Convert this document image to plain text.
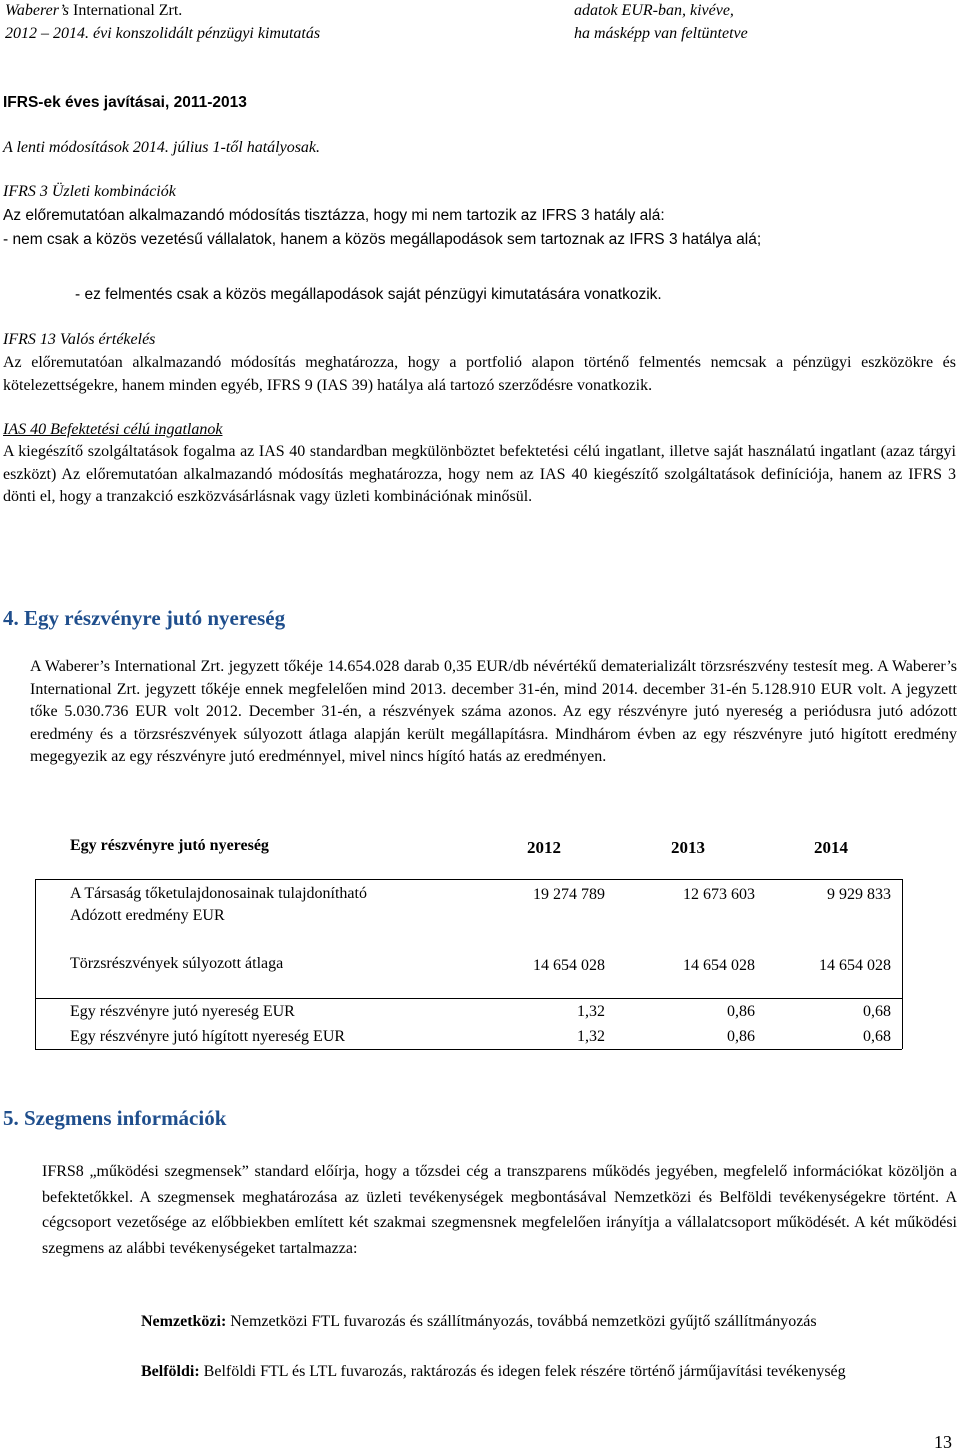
Waberer’s International Zrt.
2012 – 2014. évi konszolidált pénzügyi kimutatás
adatok EUR-ban, kivéve,
ha másképp van feltüntetve
IFRS-ek éves javításai, 2011-2013
A lenti módosítások 2014. július 1-től hatályosak.
IFRS 3 Üzleti kombinációk
Az előremutatóan alkalmazandó módosítás tisztázza, hogy mi nem tartozik az IFRS 3 hatály alá:
- nem csak a közös vezetésű vállalatok, hanem a közös megállapodások sem tartoznak az IFRS 3 hatálya alá;
- ez felmentés csak a közös megállapodások saját pénzügyi kimutatására vonatkozik.
IFRS 13 Valós értékelés
Az előremutatóan alkalmazandó módosítás meghatározza, hogy a portfolió alapon történő felmentés nemcsak a pénzügyi eszközökre és kötelezettségekre, hanem minden egyéb, IFRS 9 (IAS 39) hatálya alá tartozó szerződésre vonatkozik.
IAS 40 Befektetési célú ingatlanok
A kiegészítő szolgáltatások fogalma az IAS 40 standardban megkülönböztet befektetési célú ingatlant, illetve saját használatú ingatlant (azaz tárgyi eszközt) Az előremutatóan alkalmazandó módosítás meghatározza, hogy nem az IAS 40 kiegészítő szolgáltatások definíciója, hanem az IFRS 3 dönti el, hogy a tranzakció eszközvásárlásnak vagy üzleti kombinációnak minősül.
4. Egy részvényre jutó nyereség
A Waberer’s International Zrt. jegyzett tőkéje 14.654.028 darab 0,35 EUR/db névértékű dematerializált törzsrészvény testesít meg. A Waberer’s International Zrt. jegyzett tőkéje ennek megfelelően mind 2013. december 31-én, mind 2014. december 31-én 5.128.910 EUR volt. A jegyzett tőke 5.030.736 EUR volt 2012. December 31-én, a részvények száma azonos. Az egy részvényre jutó nyereség a periódusra jutó adózott eredmény és a törzsrészvények súlyozott átlaga alapján került megállapításra. Mindhárom évben az egy részvényre jutó higított eredmény megegyezik az egy részvényre jutó eredménnyel, mivel nincs hígító hatás az eredményen.
Egy részvényre jutó nyereség	2012	2013	2014
A Társaság tőketulajdonosainak tulajdonítható
Adózott eredmény EUR
19 274 789	12 673 603	9 929 833
Törzsrészvények súlyozott átlaga	14 654 028	14 654 028	14 654 028
Egy részvényre jutó nyereség EUR	1,32	0,86	0,68
Egy részvényre jutó hígított nyereség EUR	1,32	0,86	0,68
5. Szegmens információk
IFRS8 „működési szegmensek” standard előírja, hogy a tőzsdei cég a transzparens működés jegyében, megfelelő információkat közöljön a befektetőkkel. A szegmensek meghatározása az üzleti tevékenységek megbontásával Nemzetközi és Belföldi tevékenységekre történt. A cégcsoport vezetősége az előbbiekben említett két szakmai szegmensnek megfelelően irányítja a vállalatcsoport működését. A két működési szegmens az alábbi tevékenységeket tartalmazza:
Nemzetközi: Nemzetközi FTL fuvarozás és szállítmányozás, továbbá nemzetközi gyűjtő szállítmányozás
Belföldi: Belföldi FTL és LTL fuvarozás, raktározás és idegen felek részére történő járműjavítási tevékenység
13
